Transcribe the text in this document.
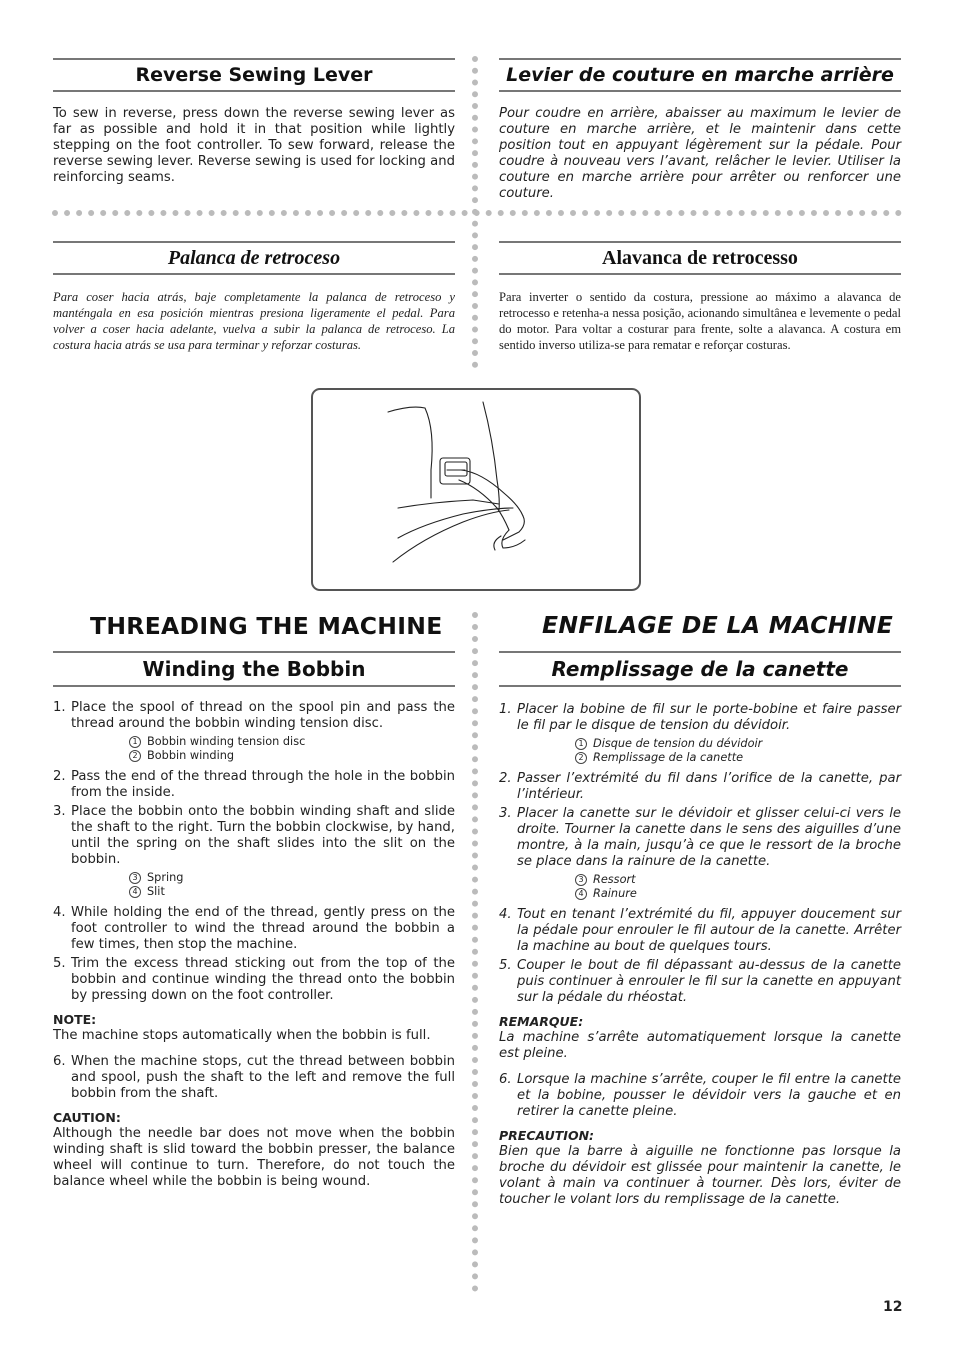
Reverse Sewing Lever
To sew in reverse, press down the reverse sewing lever as far as possible and hold it in that position while lightly stepping on the foot controller. To sew forward, release the reverse sewing lever. Reverse sewing is used for locking and reinforcing seams.
Levier de couture en marche arrière
Pour coudre en arrière, abaisser au maximum le levier de couture en marche arrière, et le maintenir dans cette position tout en appuyant légèrement sur la pédale. Pour coudre à nouveau vers l’avant, relâcher le levier. Utiliser la couture en marche arrière pour arrêter ou renforcer une couture.
Palanca de retroceso
Para coser hacia atrás, baje completamente la palanca de retroceso y manténgala en esa posición mientras presiona ligeramente el pedal. Para volver a coser hacia adelante, vuelva a subir la palanca de retroceso. La costura hacia atrás se usa para terminar y reforzar costuras.
Alavanca de retrocesso
Para inverter o sentido da costura, pressione ao máximo a alavanca de retrocesso e retenha-a nessa posição, acionando simultânea e levemente o pedal do motor. Para voltar a costurar para frente, solte a alavanca. A costura em sentido inverso utiliza-se para rematar e reforçar costuras.
THREADING THE MACHINE
Winding the Bobbin
1. Place the spool of thread on the spool pin and pass the thread around the bobbin winding tension disc.
1 Bobbin winding tension disc
2 Bobbin winding
2. Pass the end of the thread through the hole in the bobbin from the inside.
3. Place the bobbin onto the bobbin winding shaft and slide the shaft to the right. Turn the bobbin clockwise, by hand, until the spring on the shaft slides into the slit on the bobbin.
3 Spring
4 Slit
4. While holding the end of the thread, gently press on the foot controller to wind the thread around the bobbin a few times, then stop the machine.
5. Trim the excess thread sticking out from the top of the bobbin and continue winding the thread onto the bobbin by pressing down on the foot controller.
NOTE:
The machine stops automatically when the bobbin is full.
6. When the machine stops, cut the thread between bobbin and spool, push the shaft to the left and remove the full bobbin from the shaft.
CAUTION:
Although the needle bar does not move when the bobbin winding shaft is slid toward the bobbin presser, the balance wheel will continue to turn. Therefore, do not touch the balance wheel while the bobbin is being wound.
ENFILAGE DE LA MACHINE
Remplissage de la canette
1. Placer la bobine de fil sur le porte-bobine et faire passer le fil par le disque de tension du dévidoir.
1 Disque de tension du dévidoir
2 Remplissage de la canette
2. Passer l’extrémité du fil dans l’orifice de la canette, par l’intérieur.
3. Placer la canette sur le dévidoir et glisser celui-ci vers le droite. Tourner la canette dans le sens des aiguilles d’une montre, à la main, jusqu’à ce que le ressort de la broche se place dans la rainure de la canette.
3 Ressort
4 Rainure
4. Tout en tenant l’extrémité du fil, appuyer doucement sur la pédale pour enrouler le fil autour de la canette. Arrêter la machine au bout de quelques tours.
5. Couper le bout de fil dépassant au-dessus de la canette puis continuer à enrouler le fil sur la canette en appuyant sur la pédale du rhéostat.
REMARQUE:
La machine s’arrête automatiquement lorsque la canette est pleine.
6. Lorsque la machine s’arrête, couper le fil entre la canette et la bobine, pousser le dévidoir vers la gauche et en retirer la canette pleine.
PRECAUTION:
Bien que la barre à aiguille ne fonctionne pas lorsque la broche du dévidoir est glissée pour maintenir la canette, le volant à main va continuer à tourner. Dès lors, éviter de toucher le volant lors du remplissage de la canette.
12
